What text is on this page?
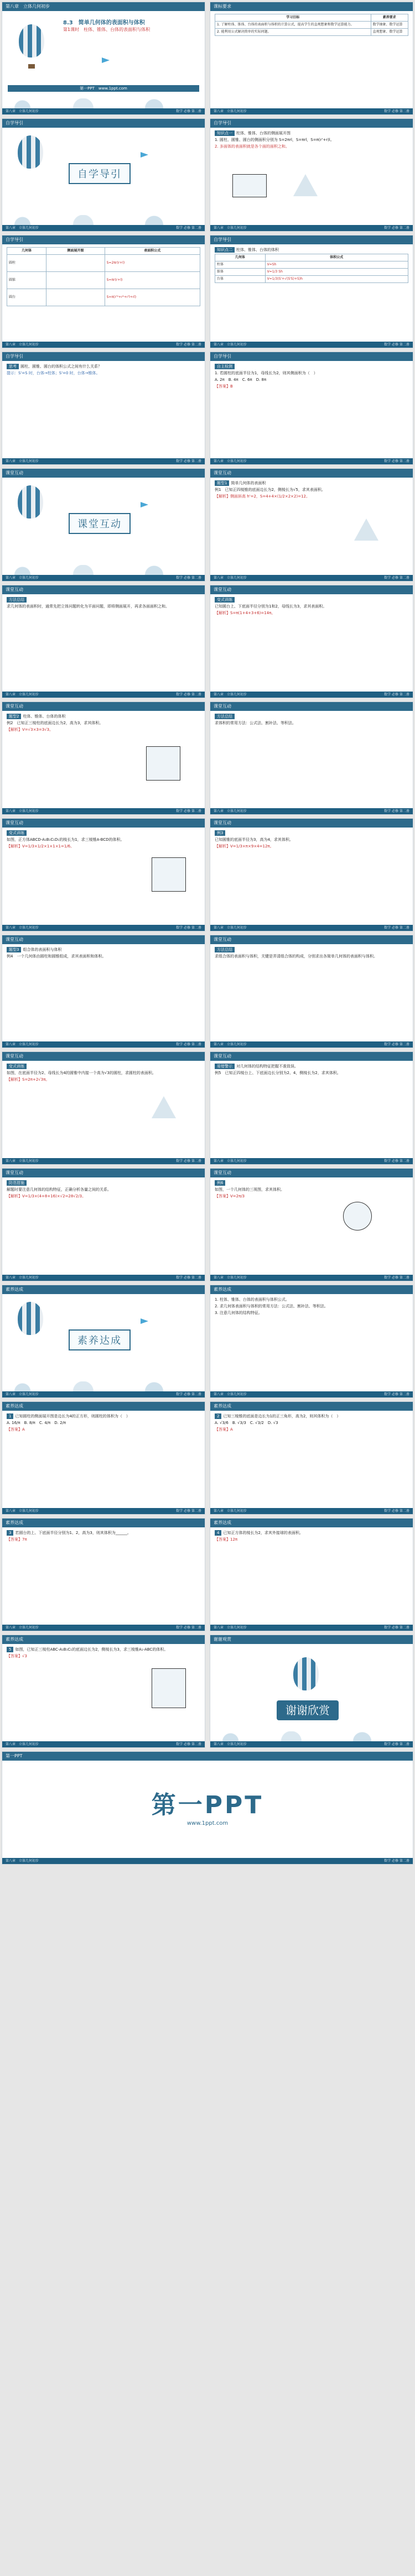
第八章　立体几何初步
8.3　简单几何体的表面积与体积
第1课时　柱体、锥体、台体的表面积与体积
第一PPT　 www.1ppt.com
第八章　立体几何初步	数学 必修 第二册
课标要求
学习目标	素养要求
1. 了解柱体、锥体、台体的表面积与体积的计算公式，提高学生的直观想象和数学运算能力。	数学抽象、数学运算
2. 能利用公式解决简单的实际问题。	直观想象、数学运算
第八章　立体几何初步	数学 必修 第二册
自学导引
自学导引
第八章　立体几何初步	数学 必修 第二册
自学导引

知识点一 柱体、锥体、台体的侧面展开图

1. 圆柱、圆锥、圆台的侧面积分别为 S=2πrl，S=πrl，S=π(r'+r)l。

2. 多面体的表面积就是各个面的面积之和。

第八章　立体几何初步	数学 必修 第二册
自学导引
几何体	侧面展开图	表面积公式
圆柱		S=2πr(r+l)
圆锥		S=πr(r+l)
圆台		S=π(r'²+r²+r'l+rl)
第八章　立体几何初步	数学 必修 第二册
自学导引

知识点二 柱体、锥体、台体的体积

几何体	体积公式
柱体	V=Sh
锥体	V=1/3 Sh
台体	V=1/3(S'+√(S'S)+S)h
第八章　立体几何初步	数学 必修 第二册
自学导引

思考 圆柱、圆锥、圆台的体积公式之间有什么关系？

提示：S'=S 时，台体→柱体；S'=0 时，台体→锥体。

第八章　立体几何初步	数学 必修 第二册
自学导引

自主检测

1. 若圆柱的底面半径为1，母线长为2，则其侧面积为（　）

A. 2π　B. 4π　C. 6π　D. 8π

【答案】B

第八章　立体几何初步	数学 必修 第二册
课堂互动
课堂互动
第八章　立体几何初步	数学 必修 第二册
课堂互动

题型1 简单几何体的表面积

例1　已知正四棱锥的底面边长为2，侧棱长为√5，求其表面积。

【解析】侧面斜高 h'=2，S=4+4×(1/2×2×2)=12。

第八章　立体几何初步	数学 必修 第二册
课堂互动

方法总结

求几何体的表面积时，通常先把立体问题转化为平面问题，即将侧面展开，再求各面面积之和。

第八章　立体几何初步	数学 必修 第二册
课堂互动

变式训练

已知圆台上、下底面半径分别为1和2，母线长为3，求其表面积。

【解析】S=π(1+4+3+6)=14π。

第八章　立体几何初步	数学 必修 第二册
课堂互动

题型2 柱体、锥体、台体的体积

例2　已知正三棱柱的底面边长为2，高为3，求其体积。

【解析】V=√3×3=3√3。

第八章　立体几何初步	数学 必修 第二册
课堂互动

方法总结

求体积的常用方法：公式法、割补法、等积法。

第八章　立体几何初步	数学 必修 第二册
课堂互动

变式训练

如图，正方体ABCD-A₁B₁C₁D₁的棱长为1，求三棱锥A-BCD的体积。

【解析】V=1/3×1/2×1×1×1=1/6。

第八章　立体几何初步	数学 必修 第二册
课堂互动

例3

已知圆锥的底面半径为3，高为4，求其体积。

【解析】V=1/3×π×9×4=12π。

第八章　立体几何初步	数学 必修 第二册
课堂互动

题型3 组合体的表面积与体积

例4　一个几何体由圆柱和圆锥组成，求其表面积和体积。

第八章　立体几何初步	数学 必修 第二册
课堂互动

方法总结

求组合体的表面积与体积，关键是弄清组合体的构成，分别求出各简单几何体的表面积与体积。

第八章　立体几何初步	数学 必修 第二册
课堂互动

变式训练

如图，在底面半径为2、母线长为4的圆锥中内接一个高为√3的圆柱，求圆柱的表面积。

【解析】S=2π+2√3π。

第八章　立体几何初步	数学 必修 第二册
课堂互动

易错警示 对几何体的结构特征把握不准致误。

例5　已知正四棱台上、下底面边长分别为2、4，侧棱长为2，求其体积。

第八章　立体几何初步	数学 必修 第二册
课堂互动

防范措施

解题时要注意几何体的结构特征，正确分析各量之间的关系。

【解析】V=1/3×(4+8+16)×√2=28√2/3。

第八章　立体几何初步	数学 必修 第二册
课堂互动

例6

如图，一个几何体的三视图，求其体积。

【答案】V=2π/3

第八章　立体几何初步	数学 必修 第二册
素养达成
素养达成
第八章　立体几何初步	数学 必修 第二册
素养达成

1. 柱体、锥体、台体的表面积与体积公式。

2. 求几何体表面积与体积的常用方法：公式法、割补法、等积法。

3. 注意几何体的结构特征。

第八章　立体几何初步	数学 必修 第二册
素养达成

1 已知圆柱的侧面展开图是边长为4的正方形，则圆柱的体积为（　）

A. 16/π　B. 8/π　C. 4/π　D. 2/π

【答案】A

第八章　立体几何初步	数学 必修 第二册
素养达成

2 已知三棱锥的底面是边长为1的正三角形，高为2，则其体积为（　）

A. √3/6　B. √3/3　C. √3/2　D. √3

【答案】A

第八章　立体几何初步	数学 必修 第二册
素养达成

3 若圆台的上、下底面半径分别为1、2，高为3，则其体积为______。

【答案】7π

第八章　立体几何初步	数学 必修 第二册
素养达成

4 已知正方体的棱长为2，求其外接球的表面积。

【答案】12π

第八章　立体几何初步	数学 必修 第二册
素养达成

5 如图，已知正三棱柱ABC-A₁B₁C₁的底面边长为2，侧棱长为3，求三棱锥A₁-ABC的体积。

【答案】√3

第八章　立体几何初步	数学 必修 第二册
谢谢观赏
谢谢欣赏
第八章　立体几何初步	数学 必修 第二册
第一PPT
第一PPT
www.1ppt.com
第八章　立体几何初步	数学 必修 第二册
